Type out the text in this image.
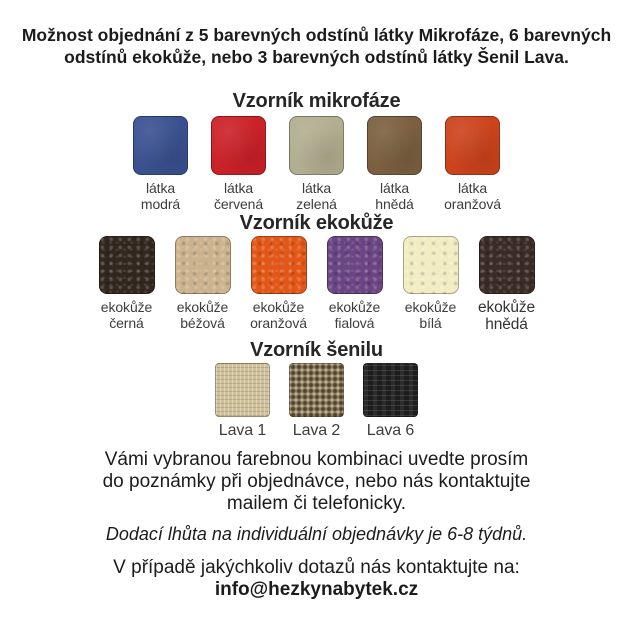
Možnost objednání z 5 barevných odstínů látky Mikrofáze, 6 barevných
odstínů ekokůže, nebo 3 barevných odstínů látky Šenil Lava.
Vzorník mikrofáze
látka
modrá
látka
červená
látka
zelená
látka
hnědá
látka
oranžová
Vzorník ekokůže
ekokůže
černá
ekokůže
béžová
ekokůže
oranžová
ekokůže
fialová
ekokůže
bílá
ekokůže
hnědá
Vzorník šenilu
Lava 1 Lava 2 Lava 6
Vámi vybranou farebnou kombinaci uvedte prosím
do poznámky při objednávce, nebo nás kontaktujte
mailem či telefonicky.
Dodací lhůta na individuální objednávky je 6-8 týdnů.
V případě jakýchkoliv dotazů nás kontaktujte na:
info@hezkynabytek.cz
